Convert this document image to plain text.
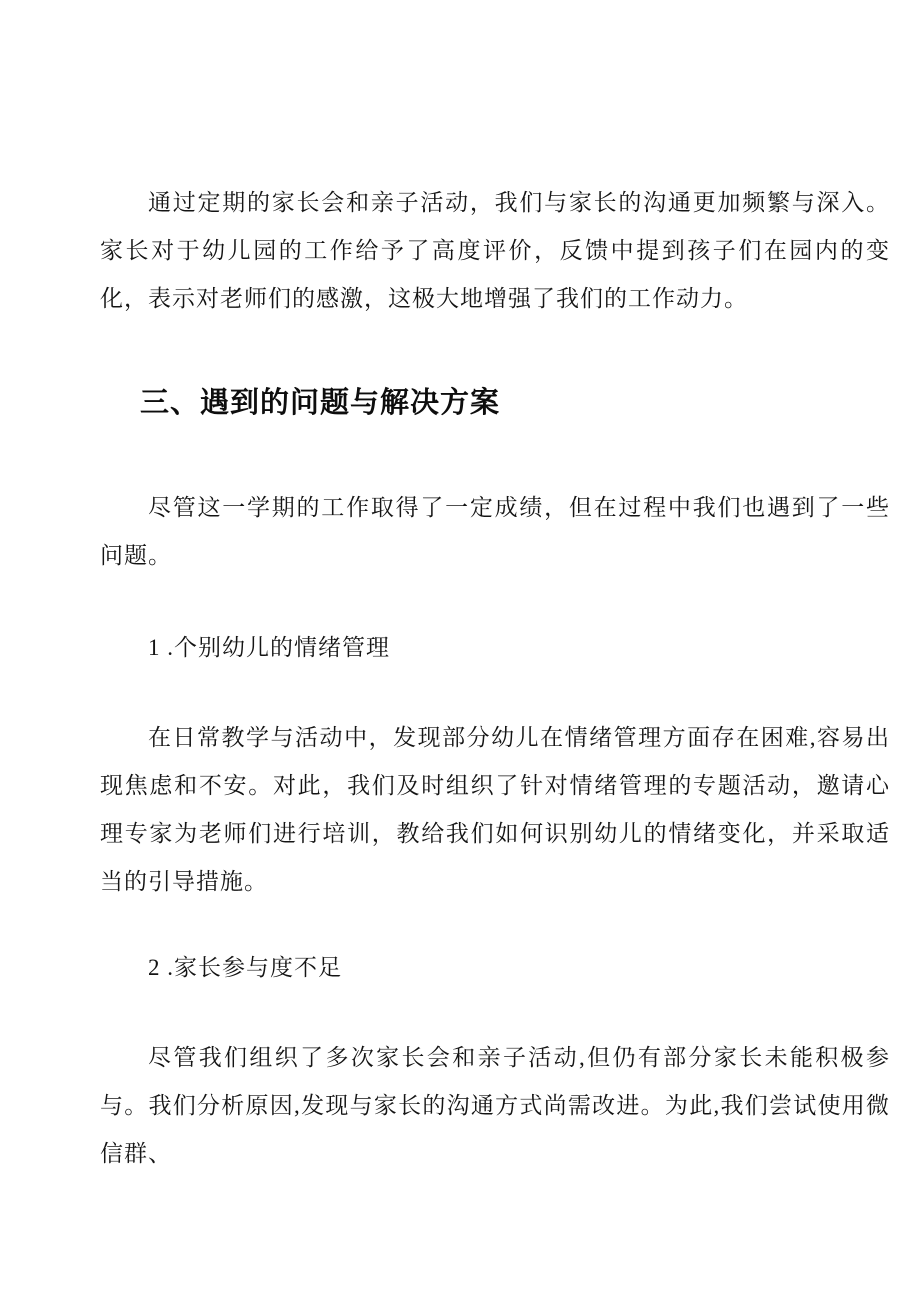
通过定期的家长会和亲子活动，我们与家长的沟通更加频繁与深入。家长对于幼儿园的工作给予了高度评价，反馈中提到孩子们在园内的变化，表示对老师们的感激，这极大地增强了我们的工作动力。

三、遇到的问题与解决方案

尽管这一学期的工作取得了一定成绩，但在过程中我们也遇到了一些问题。

1 .个别幼儿的情绪管理

在日常教学与活动中，发现部分幼儿在情绪管理方面存在困难,容易出现焦虑和不安。对此，我们及时组织了针对情绪管理的专题活动，邀请心理专家为老师们进行培训，教给我们如何识别幼儿的情绪变化，并采取适当的引导措施。

2 .家长参与度不足

尽管我们组织了多次家长会和亲子活动,但仍有部分家长未能积极参与。我们分析原因,发现与家长的沟通方式尚需改进。为此,我们尝试使用微信群、
